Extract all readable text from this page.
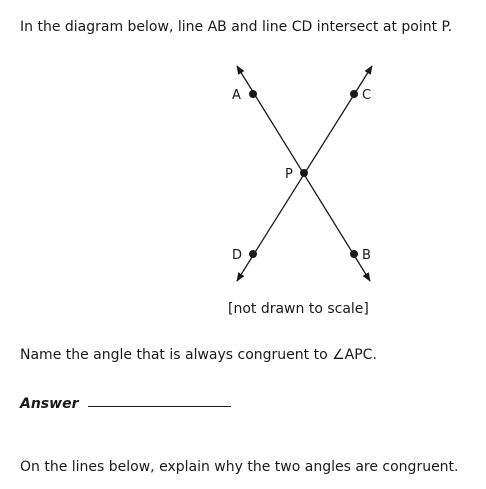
In the diagram below, line AB and line CD intersect at point P.

A	C
P
D	B

[not drawn to scale]

Name the angle that is always congruent to ∠APC.

Answer

On the lines below, explain why the two angles are congruent.
